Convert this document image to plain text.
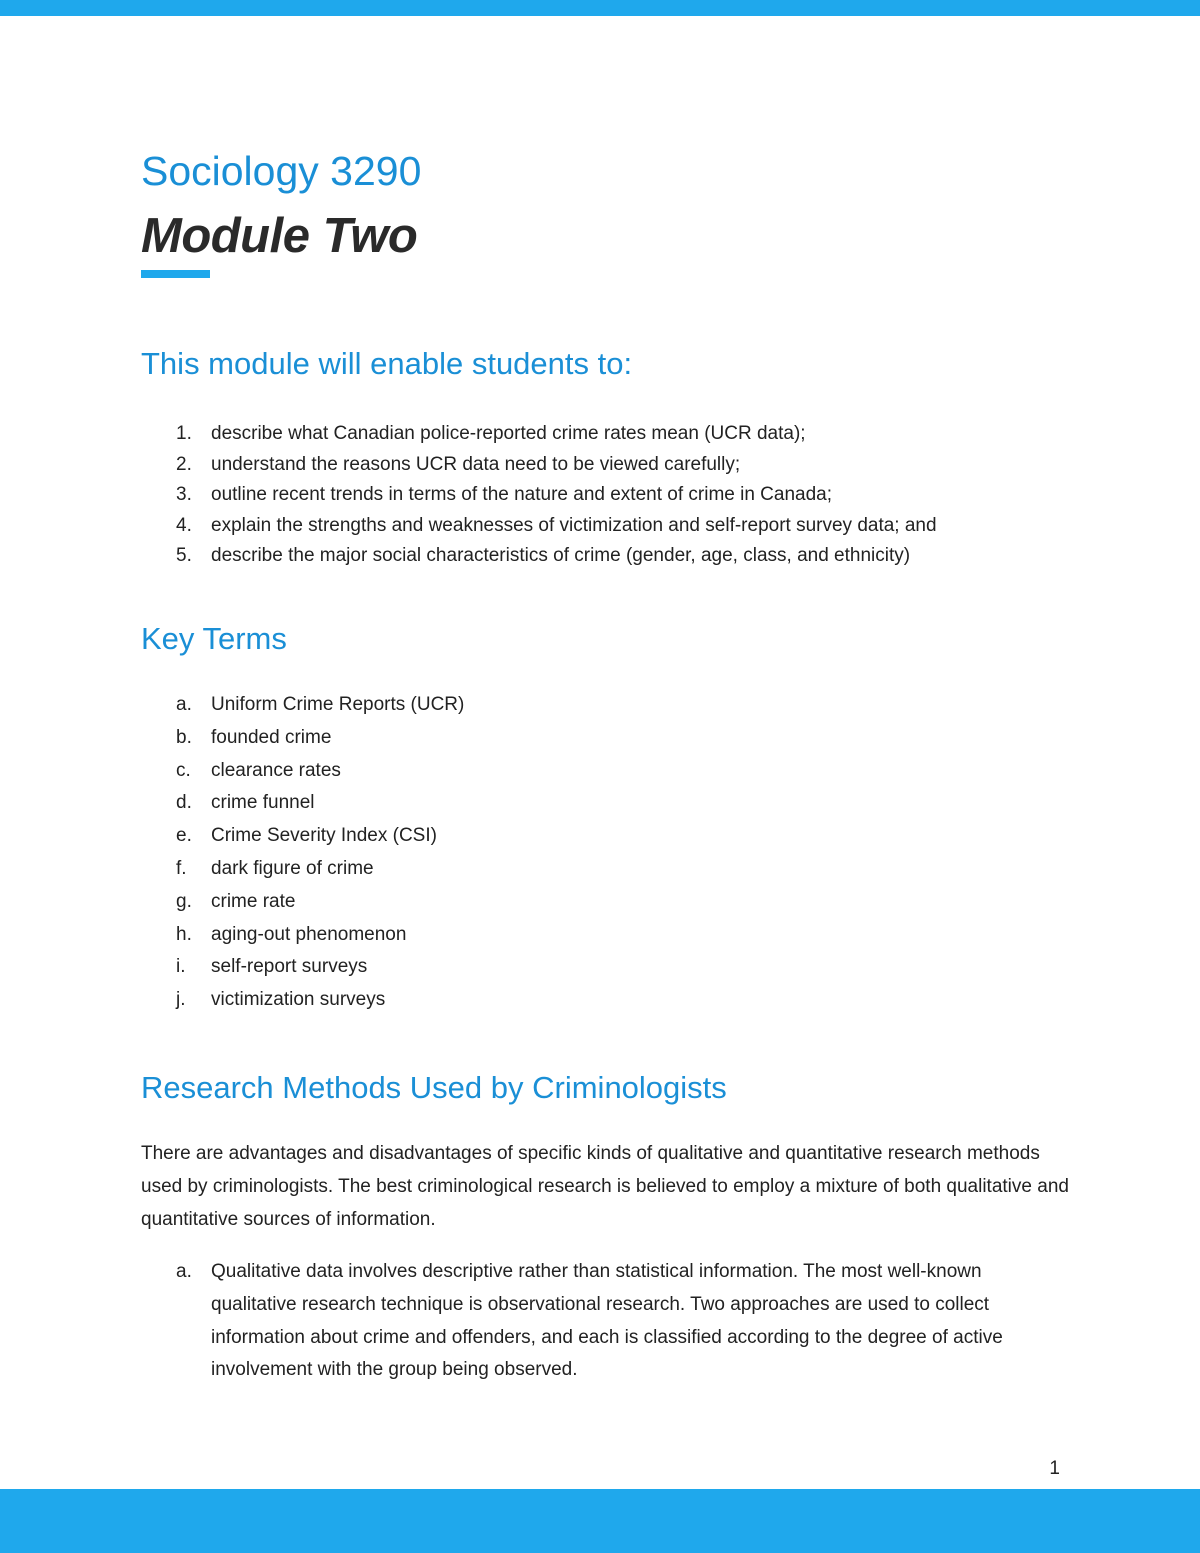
Sociology 3290
Module Two
This module will enable students to:
1. describe what Canadian police-reported crime rates mean (UCR data);
2. understand the reasons UCR data need to be viewed carefully;
3. outline recent trends in terms of the nature and extent of crime in Canada;
4. explain the strengths and weaknesses of victimization and self-report survey data; and
5. describe the major social characteristics of crime (gender, age, class, and ethnicity)
Key Terms
a. Uniform Crime Reports (UCR)
b. founded crime
c. clearance rates
d. crime funnel
e. Crime Severity Index (CSI)
f. dark figure of crime
g. crime rate
h. aging-out phenomenon
i. self-report surveys
j. victimization surveys
Research Methods Used by Criminologists

There are advantages and disadvantages of specific kinds of qualitative and quantitative research methods used by criminologists. The best criminological research is believed to employ a mixture of both qualitative and quantitative sources of information.

a. Qualitative data involves descriptive rather than statistical information. The most well-known qualitative research technique is observational research. Two approaches are used to collect information about crime and offenders, and each is classified according to the degree of active involvement with the group being observed.
1
